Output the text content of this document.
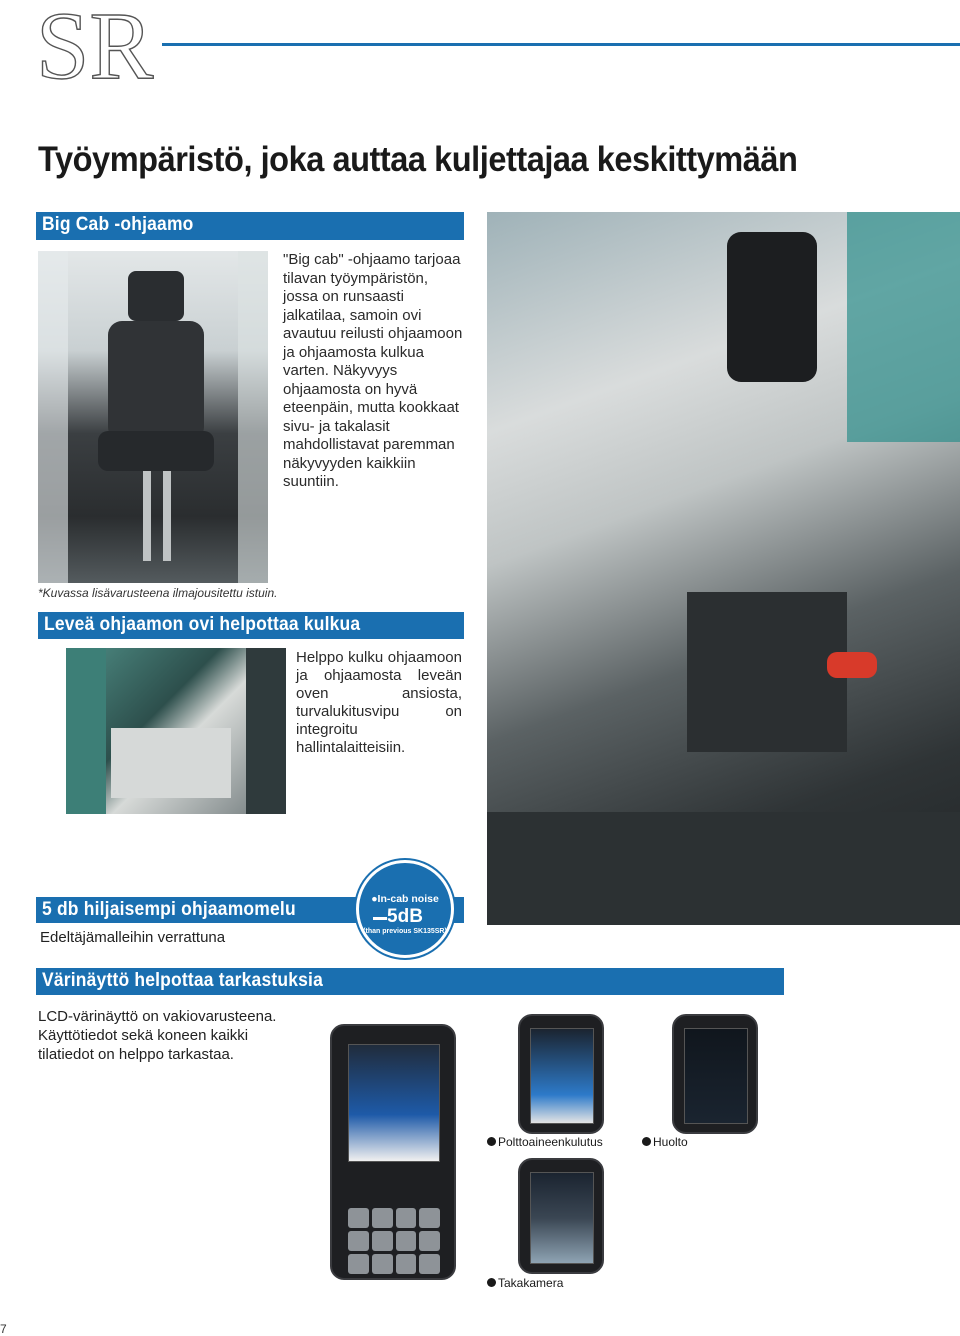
SR
Työympäristö, joka auttaa kuljettajaa keskittymään
Big Cab -ohjaamo

"Big cab" -ohjaamo tarjoaa tilavan työympäristön, jossa on runsaasti jalkatilaa, samoin ovi avautuu reilusti ohjaamoon ja ohjaamosta kulkua varten. Näkyvyys ohjaamosta on hyvä eteenpäin, mutta kookkaat sivu- ja takalasit mahdollistavat paremman näkyvyyden kaikkiin suuntiin.

*Kuvassa lisävarusteena ilmajousitettu istuin.

Leveä ohjaamon ovi helpottaa kulkua

Helppo kulku ohjaamoon ja ohjaamosta leveän oven ansiosta, turvalukitusvipu on integroitu hallintalaitteisiin.

5 db hiljaisempi ohjaamomelu

Edeltäjämalleihin verrattuna

●In-cab noise
5dB
(than previous SK135SR)
Värinäyttö helpottaa tarkastuksia

LCD-värinäyttö on vakiovarusteena. Käyttötiedot sekä koneen kaikki tilatiedot on helppo tarkastaa.

Polttoaineenkulutus	Huolto
Takakamera
7
